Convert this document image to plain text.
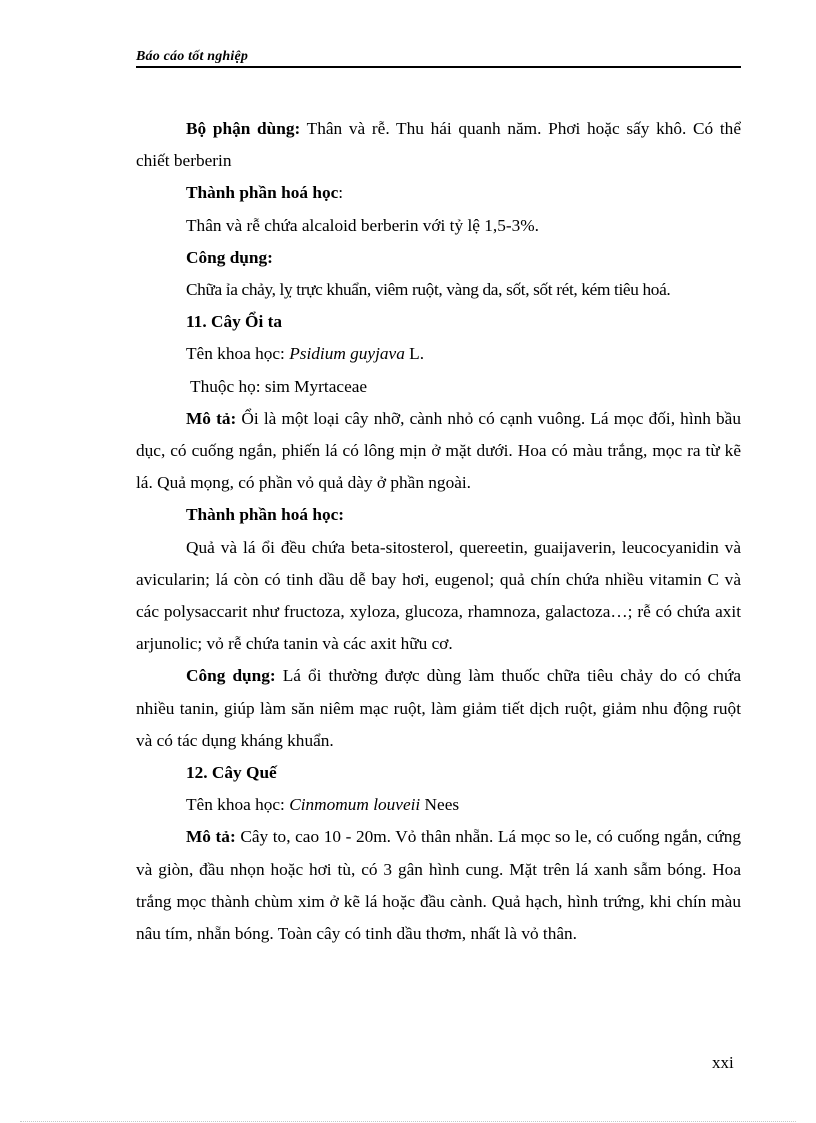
Báo cáo tốt nghiệp

Bộ phận dùng: Thân và rễ. Thu hái quanh năm. Phơi hoặc sấy khô. Có thể chiết berberin

Thành phần hoá học:

Thân và rễ chứa alcaloid berberin với tỷ lệ 1,5-3%.

Công dụng:

Chữa ỉa chảy, lỵ trực khuẩn, viêm ruột, vàng da, sốt, sốt rét, kém tiêu hoá.

11. Cây Ổi ta

Tên khoa học: Psidium guyjava L.

Thuộc họ: sim Myrtaceae

Mô tả: Ổi là một loại cây nhỡ, cành nhỏ có cạnh vuông. Lá mọc đối, hình bầu dục, có cuống ngắn, phiến lá có lông mịn ở mặt dưới. Hoa có màu trắng, mọc ra từ kẽ lá. Quả mọng, có phần vỏ quả dày ở phần ngoài.

Thành phần hoá học:

Quả và lá ổi đều chứa beta-sitosterol, quereetin, guaijaverin, leucocyanidin và avicularin; lá còn có tinh dầu dễ bay hơi, eugenol; quả chín chứa nhiều vitamin C và các polysaccarit như fructoza, xyloza, glucoza, rhamnoza, galactoza…; rễ có chứa axit arjunolic; vỏ rễ chứa tanin và các axit hữu cơ.

Công dụng: Lá ổi thường được dùng làm thuốc chữa tiêu chảy do có chứa nhiều tanin, giúp làm săn niêm mạc ruột, làm giảm tiết dịch ruột, giảm nhu động ruột và có tác dụng kháng khuẩn.

12. Cây Quế

Tên khoa học: Cinmomum louveii Nees

Mô tả: Cây to, cao 10 - 20m. Vỏ thân nhẵn. Lá mọc so le, có cuống ngắn, cứng và giòn, đầu nhọn hoặc hơi tù, có 3 gân hình cung. Mặt trên lá xanh sẫm bóng. Hoa trắng mọc thành chùm xim ở kẽ lá hoặc đầu cành. Quả hạch, hình trứng, khi chín màu nâu tím, nhẵn bóng. Toàn cây có tinh dầu thơm, nhất là vỏ thân.

xxi
